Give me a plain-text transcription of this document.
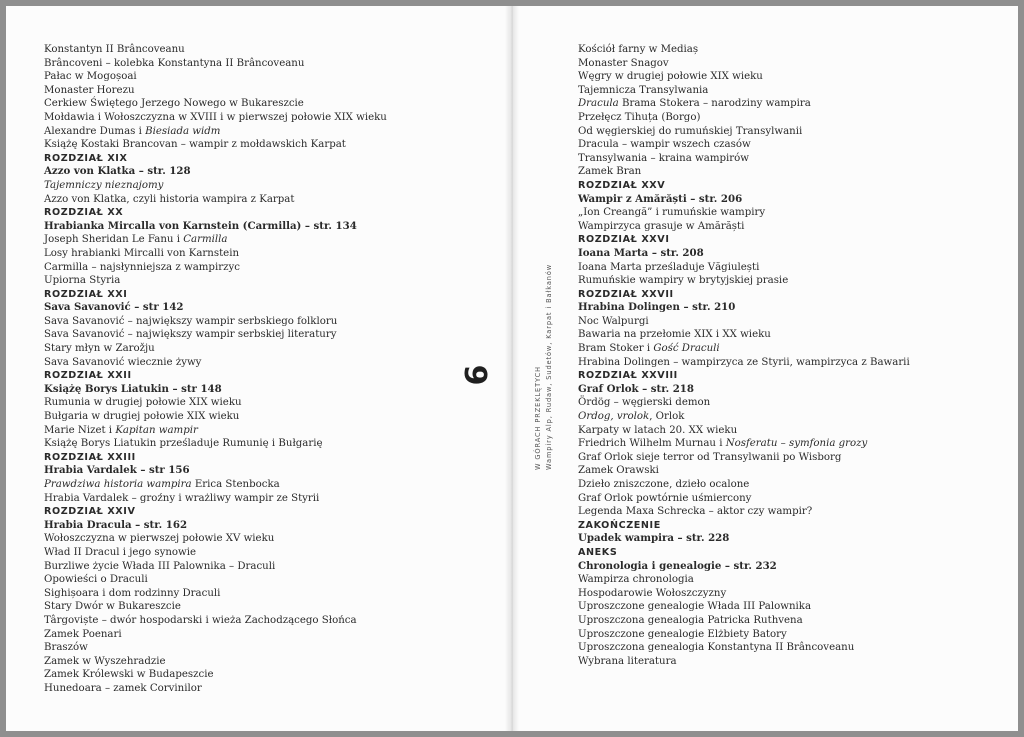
Konstantyn II Brâncoveanu
Brâncoveni – kolebka Konstantyna II Brâncoveanu
Pałac w Mogoșoai
Monaster Horezu
Cerkiew Świętego Jerzego Nowego w Bukareszcie
Mołdawia i Wołoszczyzna w XVIII i w pierwszej połowie XIX wieku
Alexandre Dumas i Biesiada widm
Książę Kostaki Brancovan – wampir z mołdawskich Karpat
ROZDZIAŁ XIX
Azzo von Klatka – str. 128
Tajemniczy nieznajomy
Azzo von Klatka, czyli historia wampira z Karpat
ROZDZIAŁ XX
Hrabianka Mircalla von Karnstein (Carmilla) – str. 134
Joseph Sheridan Le Fanu i Carmilla
Losy hrabianki Mircalli von Karnstein
Carmilla – najsłynniejsza z wampirzyc
Upiorna Styria
ROZDZIAŁ XXI
Sava Savanović – str 142
Sava Savanović – największy wampir serbskiego folkloru
Sava Savanović – największy wampir serbskiej literatury
Stary młyn w Zarožju
Sava Savanović wiecznie żywy
ROZDZIAŁ XXII
Książę Borys Liatukin – str 148
Rumunia w drugiej połowie XIX wieku
Bułgaria w drugiej połowie XIX wieku
Marie Nizet i Kapitan wampir
Książę Borys Liatukin prześladuje Rumunię i Bułgarię
ROZDZIAŁ XXIII
Hrabia Vardalek – str 156
Prawdziwa historia wampira Erica Stenbocka
Hrabia Vardalek – groźny i wrażliwy wampir ze Styrii
ROZDZIAŁ XXIV
Hrabia Dracula – str. 162
Wołoszczyzna w pierwszej połowie XV wieku
Wład II Dracul i jego synowie
Burzliwe życie Włada III Palownika – Draculi
Opowieści o Draculi
Sighișoara i dom rodzinny Draculi
Stary Dwór w Bukareszcie
Târgoviște – dwór hospodarski i wieża Zachodzącego Słońca
Zamek Poenari
Braszów
Zamek w Wyszehradzie
Zamek Królewski w Budapeszcie
Hunedoara – zamek Corvinilor
Kościół farny w Mediaș
Monaster Snagov
Węgry w drugiej połowie XIX wieku
Tajemnicza Transylwania
Dracula Brama Stokera – narodziny wampira
Przełęcz Tihuța (Borgo)
Od węgierskiej do rumuńskiej Transylwanii
Dracula – wampir wszech czasów
Transylwania – kraina wampirów
Zamek Bran
ROZDZIAŁ XXV
Wampir z Amărăști – str. 206
„Ion Creangă” i rumuńskie wampiry
Wampirzyca grasuje w Amărăști
ROZDZIAŁ XXVI
Ioana Marta – str. 208
Ioana Marta prześladuje Văgiulești
Rumuńskie wampiry w brytyjskiej prasie
ROZDZIAŁ XXVII
Hrabina Dolingen – str. 210
Noc Walpurgi
Bawaria na przełomie XIX i XX wieku
Bram Stoker i Gość Draculi
Hrabina Dolingen – wampirzyca ze Styrii, wampirzyca z Bawarii
ROZDZIAŁ XXVIII
Graf Orlok – str. 218
Ördög – węgierski demon
Ordog, vrolok, Orlok
Karpaty w latach 20. XX wieku
Friedrich Wilhelm Murnau i Nosferatu – symfonia grozy
Graf Orlok sieje terror od Transylwanii po Wisborg
Zamek Orawski
Dzieło zniszczone, dzieło ocalone
Graf Orlok powtórnie uśmiercony
Legenda Maxa Schrecka – aktor czy wampir?
ZAKOŃCZENIE
Upadek wampira – str. 228
ANEKS
Chronologia i genealogie – str. 232
Wampirza chronologia
Hospodarowie Wołoszczyzny
Uproszczone genealogie Włada III Palownika
Uproszczona genealogia Patricka Ruthvena
Uproszczone genealogie Elżbiety Batory
Uproszczona genealogia Konstantyna II Brâncoveanu
Wybrana literatura
6	W GÓRACH PRZEKLĘTYCH Wampiry Alp, Rudaw, Sudetów, Karpat i Bałkanów
